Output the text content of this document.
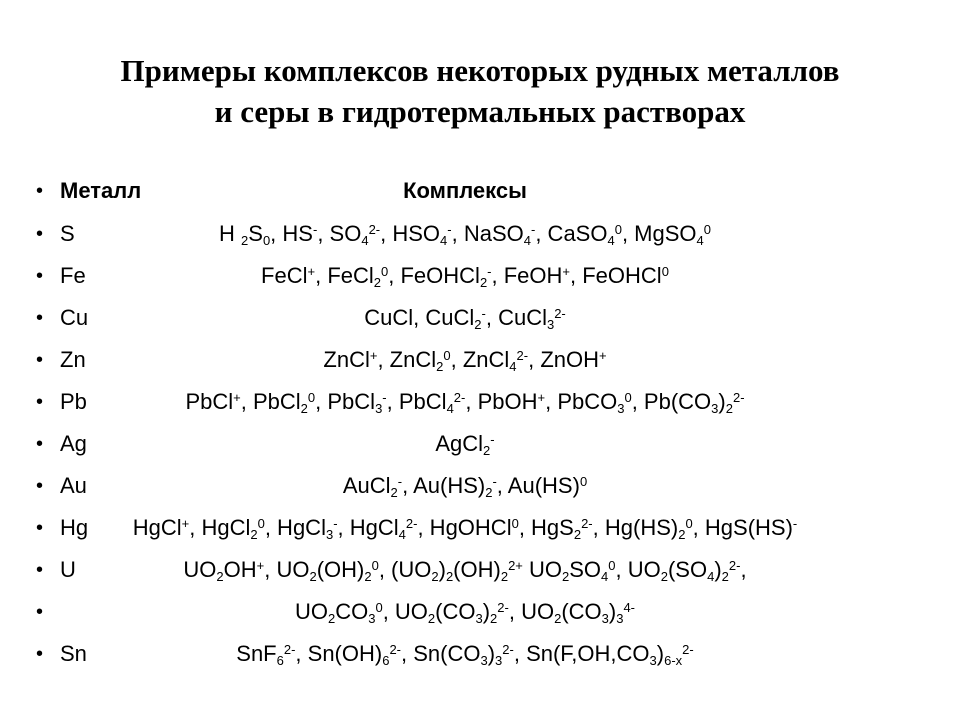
Примеры комплексов некоторых рудных металлов
и серы в гидротермальных растворах
• Металл	Комплексы
• S	H $_2S_0$, HS-, $SO_4^{2-}$, $HSO_4^-$, NaSO$_4$-, CaSO$_4^0$, MgSO$_4^0$
• Fe	FeCl+, FeCl$_2^0$, FeOHCl$_2$-, FeOH+, FeOHCl$^0$
• Cu	CuCl, CuCl$_2$-, CuCl$_3^{2-}$
• Zn	ZnCl+, ZnCl$_2^0$, ZnCl$_4^{2-}$, ZnOH+
• Pb	PbCl+, PbCl$_2^0$, PbCl$_3$-, PbCl$_4^{2-}$, PbOH+, PbCO$_3^0$, $Pb(CO_3)_2^{2-}$
• Ag	AgCl$_2$-
• Au	AuCl$_2$-, $Au(HS)_2^-$, Au(HS)$^0$
• Hg	HgCl+, HgCl$_2^0$, HgCl$_3$-, HgCl$_4^{2-}$, HgOHCl$^0$, HgS$_2^{2-}$, $Hg(HS)_2^0$, HgS(HS)-
• U	$UO_2OH^+$, $UO_2(OH)_2^0$, $(UO_2)_2(OH)_2^{2+}$ $UO_2SO_4^0$, $UO_2(SO_4)_2^{2-}$,
•	$UO_2CO_3^0$, $UO_2(CO_3)_2^{2-}$, $UO_2(CO_3)_3^{4-}$
• Sn	SnF$_6^{2-}$, $Sn(OH)_6^{2-}$, $Sn(CO_3)_3^{2-}$, $Sn(F,OH,CO_3)_{6-x}^{2-}$
